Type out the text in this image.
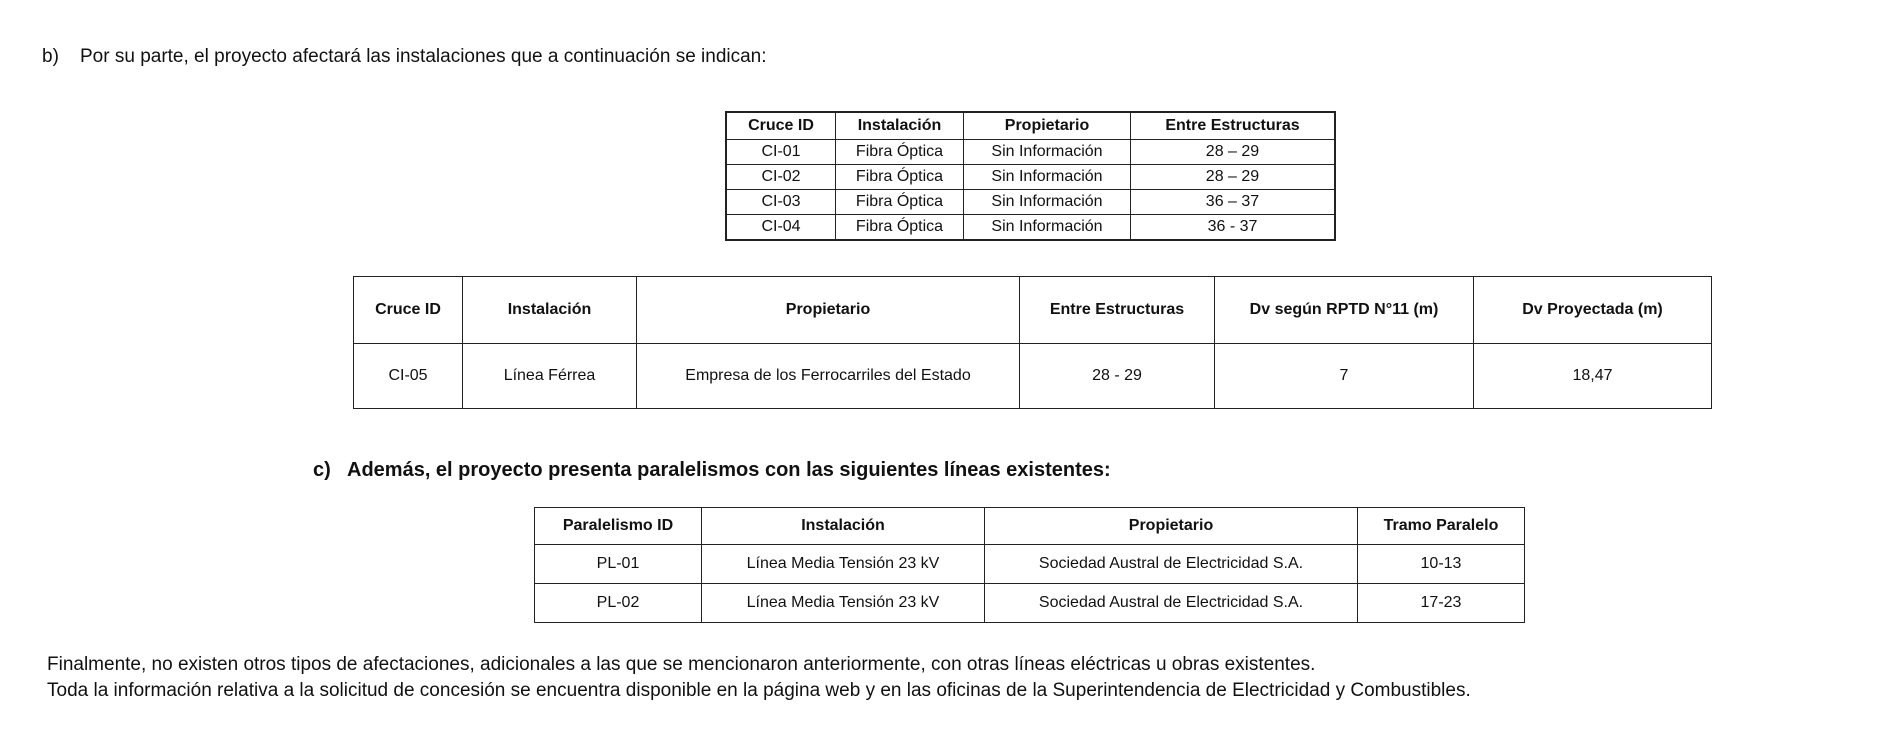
b) Por su parte, el proyecto afectará las instalaciones que a continuación se indican:
Cruce ID	Instalación	Propietario	Entre Estructuras
CI-01	Fibra Óptica	Sin Información	28 – 29
CI-02	Fibra Óptica	Sin Información	28 – 29
CI-03	Fibra Óptica	Sin Información	36 – 37
CI-04	Fibra Óptica	Sin Información	36 - 37
Cruce ID	Instalación	Propietario	Entre Estructuras	Dv según RPTD N°11 (m)	Dv Proyectada (m)
CI-05	Línea Férrea	Empresa de los Ferrocarriles del Estado	28 - 29	7	18,47
c) Además, el proyecto presenta paralelismos con las siguientes líneas existentes:
Paralelismo ID	Instalación	Propietario	Tramo Paralelo
PL-01	Línea Media Tensión 23 kV	Sociedad Austral de Electricidad S.A.	10-13
PL-02	Línea Media Tensión 23 kV	Sociedad Austral de Electricidad S.A.	17-23
Finalmente, no existen otros tipos de afectaciones, adicionales a las que se mencionaron anteriormente, con otras líneas eléctricas u obras existentes.
Toda la información relativa a la solicitud de concesión se encuentra disponible en la página web y en las oficinas de la Superintendencia de Electricidad y Combustibles.
